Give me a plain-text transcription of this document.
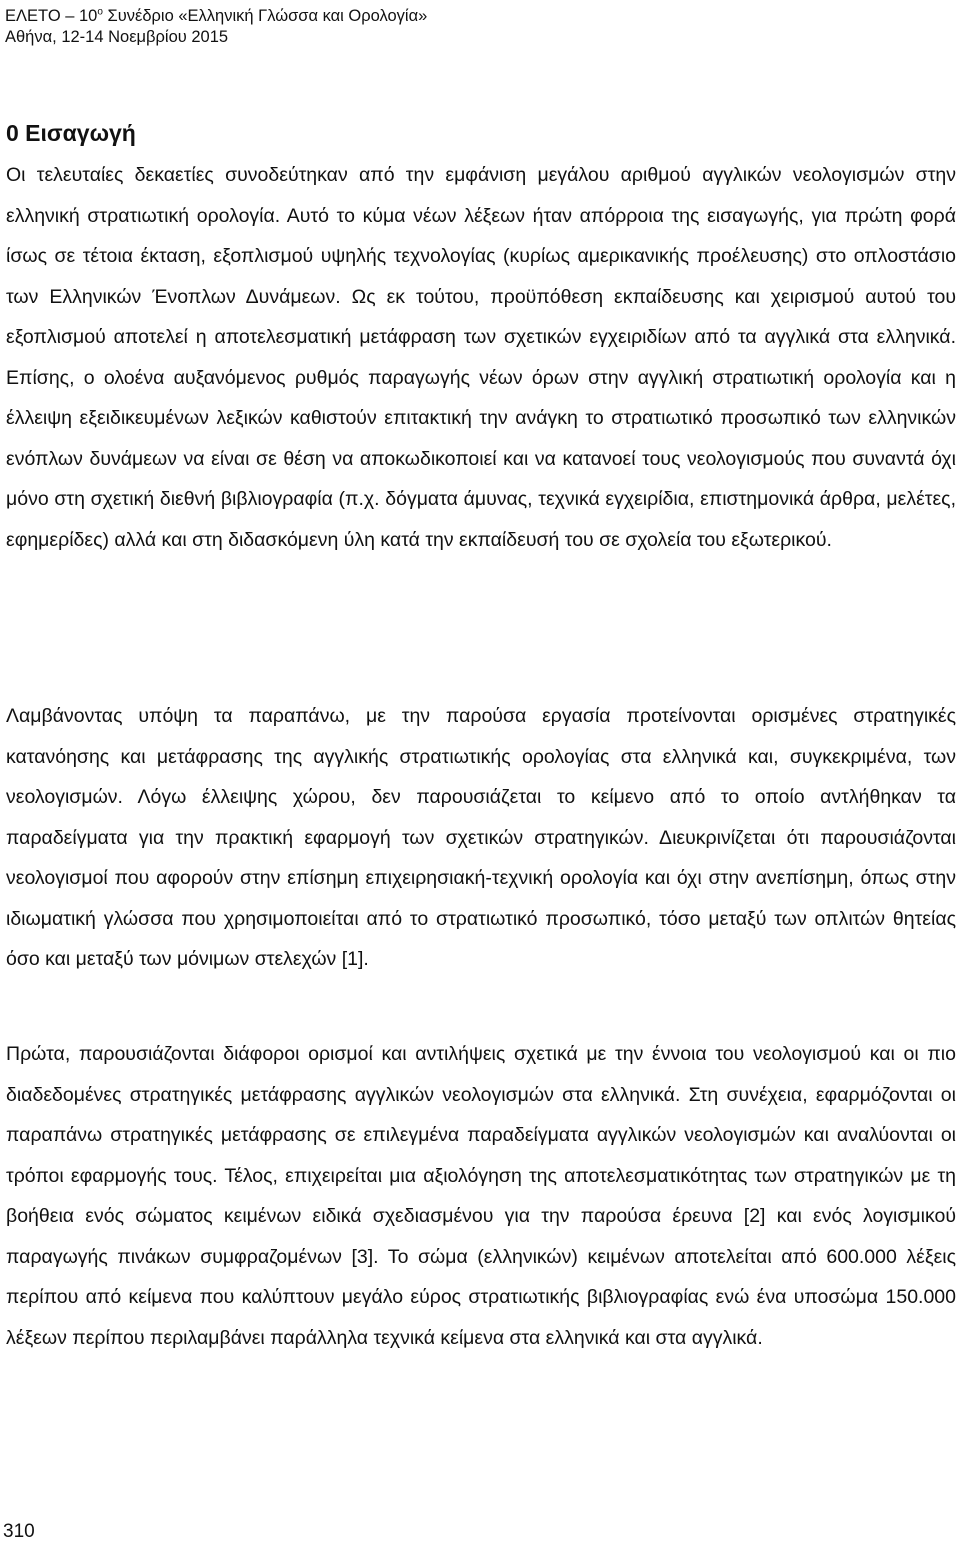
ΕΛΕΤΟ – $10^o$ Συνέδριο «Ελληνική Γλώσσα και Ορολογία»
Αθήνα, 12-14 Νοεμβρίου 2015
0 Εισαγωγή

Οι τελευταίες δεκαετίες συνοδεύτηκαν από την εμφάνιση μεγάλου αριθμού αγγλικών νεολογισμών στην ελληνική στρατιωτική ορολογία. Αυτό το κύμα νέων λέξεων ήταν απόρροια της εισαγωγής, για πρώτη φορά ίσως σε τέτοια έκταση, εξοπλισμού υψηλής τεχνολογίας (κυρίως αμερικανικής προέλευσης) στο οπλοστάσιο των Ελληνικών Ένοπλων Δυνάμεων. Ως εκ τούτου, προϋπόθεση εκπαίδευσης και χειρισμού αυτού του εξοπλισμού αποτελεί η αποτελεσματική μετάφραση των σχετικών εγχειριδίων από τα αγγλικά στα ελληνικά. Επίσης, ο ολοένα αυξανόμενος ρυθμός παραγωγής νέων όρων στην αγγλική στρατιωτική ορολογία και η έλλειψη εξειδικευμένων λεξικών καθιστούν επιτακτική την ανάγκη το στρατιωτικό προσωπικό των ελληνικών ενόπλων δυνάμεων να είναι σε θέση να αποκωδικοποιεί και να κατανοεί τους νεολογισμούς που συναντά όχι μόνο στη σχετική διεθνή βιβλιογραφία (π.χ. δόγματα άμυνας, τεχνικά εγχειρίδια, επιστημονικά άρθρα, μελέτες, εφημερίδες) αλλά και στη διδασκόμενη ύλη κατά την εκπαίδευσή του σε σχολεία του εξωτερικού.

Λαμβάνοντας υπόψη τα παραπάνω, με την παρούσα εργασία προτείνονται ορισμένες στρατηγικές κατανόησης και μετάφρασης της αγγλικής στρατιωτικής ορολογίας στα ελληνικά και, συγκεκριμένα, των νεολογισμών. Λόγω έλλειψης χώρου, δεν παρουσιάζεται το κείμενο από το οποίο αντλήθηκαν τα παραδείγματα για την πρακτική εφαρμογή των σχετικών στρατηγικών. Διευκρινίζεται ότι παρουσιάζονται νεολογισμοί που αφορούν στην επίσημη επιχειρησιακή-τεχνική ορολογία και όχι στην ανεπίσημη, όπως στην ιδιωματική γλώσσα που χρησιμοποιείται από το στρατιωτικό προσωπικό, τόσο μεταξύ των οπλιτών θητείας όσο και μεταξύ των μόνιμων στελεχών [1].

Πρώτα, παρουσιάζονται διάφοροι ορισμοί και αντιλήψεις σχετικά με την έννοια του νεολογισμού και οι πιο διαδεδομένες στρατηγικές μετάφρασης αγγλικών νεολογισμών στα ελληνικά. Στη συνέχεια, εφαρμόζονται οι παραπάνω στρατηγικές μετάφρασης σε επιλεγμένα παραδείγματα αγγλικών νεολογισμών και αναλύονται οι τρόποι εφαρμογής τους. Τέλος, επιχειρείται μια αξιολόγηση της αποτελεσματικότητας των στρατηγικών με τη βοήθεια ενός σώματος κειμένων ειδικά σχεδιασμένου για την παρούσα έρευνα [2] και ενός λογισμικού παραγωγής πινάκων συμφραζομένων [3]. Το σώμα (ελληνικών) κειμένων αποτελείται από 600.000 λέξεις περίπου από κείμενα που καλύπτουν μεγάλο εύρος στρατιωτικής βιβλιογραφίας ενώ ένα υποσώμα 150.000 λέξεων περίπου περιλαμβάνει παράλληλα τεχνικά κείμενα στα ελληνικά και στα αγγλικά.

310
